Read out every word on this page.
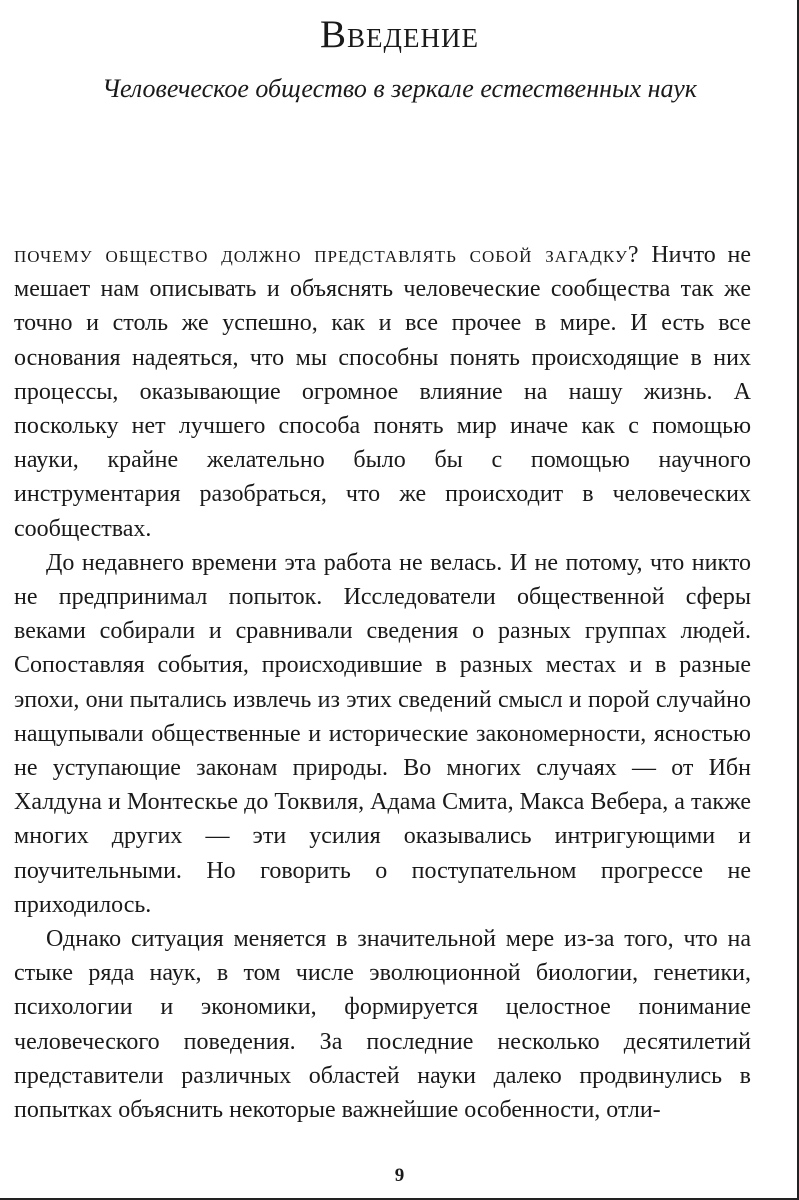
Введение
Человеческое общество в зеркале естественных наук

почему общество должно представлять собой загадку? Ничто не мешает нам описывать и объяснять человеческие сообщества так же точно и столь же успешно, как и все прочее в мире. И есть все основания надеяться, что мы способны понять происходящие в них процессы, оказывающие огромное влияние на нашу жизнь. А поскольку нет лучшего способа понять мир иначе как с помощью науки, крайне желательно было бы с помощью научного инструментария разобраться, что же происходит в человеческих сообществах.

До недавнего времени эта работа не велась. И не потому, что никто не предпринимал попыток. Исследователи общественной сферы веками собирали и сравнивали сведения о разных группах людей. Сопоставляя события, происходившие в разных местах и в разные эпохи, они пытались извлечь из этих сведений смысл и порой случайно нащупывали общественные и исторические закономерности, ясностью не уступающие законам природы. Во многих случаях — от Ибн Халдуна и Монтескье до Токвиля, Адама Смита, Макса Вебера, а также многих других — эти усилия оказывались интригующими и поучительными. Но говорить о поступательном прогрессе не приходилось.

Однако ситуация меняется в значительной мере из-за того, что на стыке ряда наук, в том числе эволюционной биологии, генетики, психологии и экономики, формируется целостное понимание человеческого поведения. За последние несколько десятилетий представители различных областей науки далеко продвинулись в попытках объяснить некоторые важнейшие особенности, отли-

9
